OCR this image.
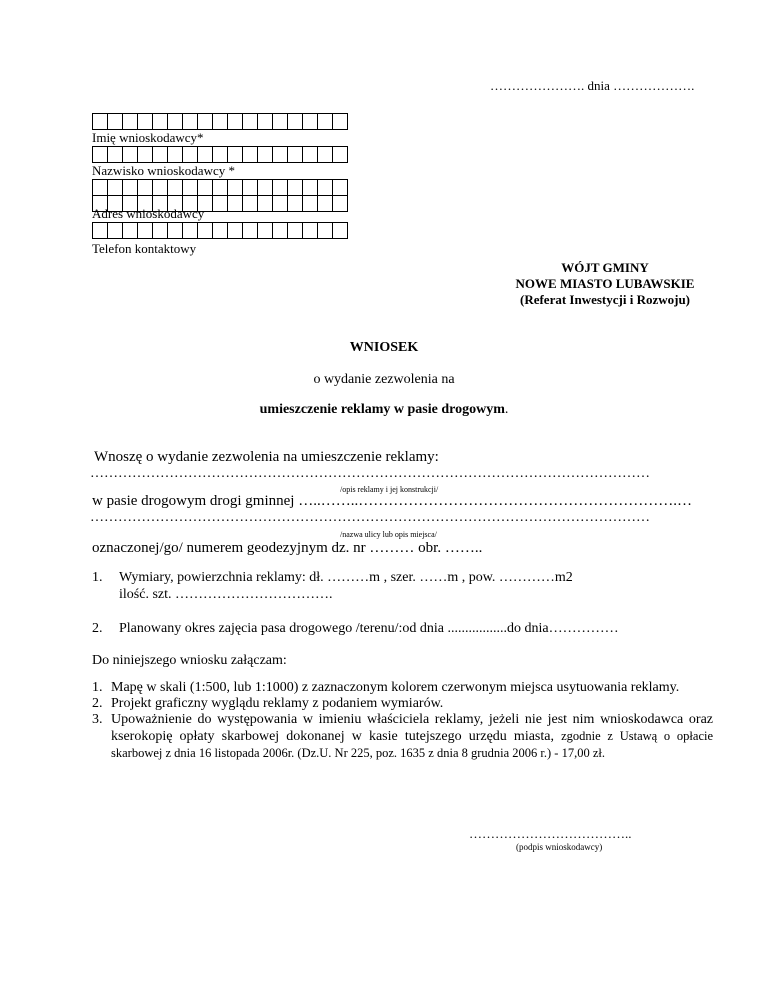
…………………. dnia ……………….
Imię wnioskodawcy*
Nazwisko wnioskodawcy *
Adres wnioskodawcy
Telefon kontaktowy
WÓJT GMINY
NOWE MIASTO LUBAWSKIE
(Referat Inwestycji i Rozwoju)
WNIOSEK
o wydanie zezwolenia na
umieszczenie reklamy w pasie drogowym.
Wnoszę o wydanie zezwolenia na umieszczenie reklamy:
…………………………………………………………………………………………………………
/opis reklamy i jej konstrukcji/
w pasie drogowym drogi gminnej …..……..……………………………………………………….…
…………………………………………………………………………………………………………
/nazwa ulicy lub opis miejsca/
oznaczonej/go/ numerem geodezyjnym dz. nr ……… obr. ……..
1. Wymiary, powierzchnia reklamy: dł. ………m , szer. ……m , pow. …………m2
ilość. szt. …………………………….
2. Planowany okres zajęcia pasa drogowego /terenu/:od dnia .................do dnia……………
Do niniejszego wniosku załączam:
1. Mapę w skali (1:500, lub 1:1000) z zaznaczonym kolorem czerwonym miejsca usytuowania reklamy.
2. Projekt graficzny wyglądu reklamy z podaniem wymiarów.
3. Upoważnienie do występowania w imieniu właściciela reklamy, jeżeli nie jest nim wnioskodawca oraz kserokopię opłaty skarbowej dokonanej w kasie tutejszego urzędu miasta, zgodnie z Ustawą o opłacie skarbowej z dnia 16 listopada 2006r. (Dz.U. Nr 225, poz. 1635 z dnia 8 grudnia 2006 r.) - 17,00 zł.
………………………………..
(podpis wnioskodawcy)
